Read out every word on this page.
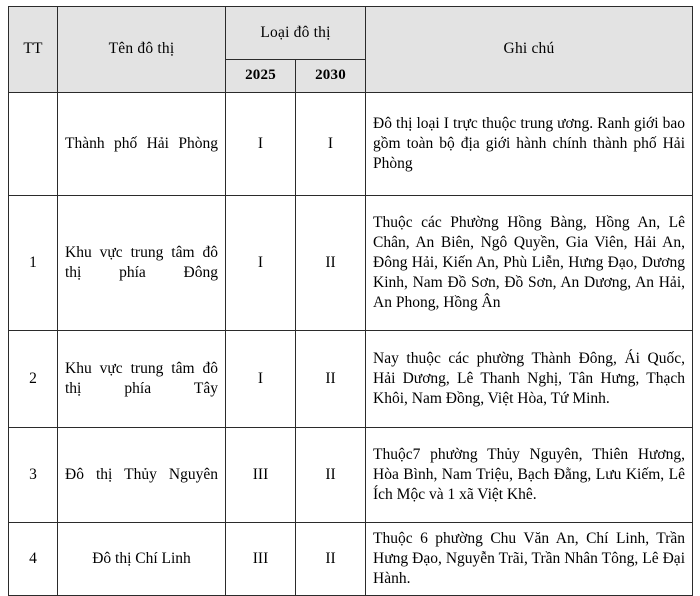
TT	Tên đô thị	Loại đô thị		Ghi chú
		2025	2030	
	Thành phố Hải Phòng	I	I	Đô thị loại I trực thuộc trung ương. Ranh giới bao gồm toàn bộ địa giới hành chính thành phố Hải Phòng
1	Khu vực trung tâm đô thị phía Đông	I	II	Thuộc các Phường Hồng Bàng, Hồng An, Lê Chân, An Biên, Ngô Quyền, Gia Viên, Hải An, Đông Hải, Kiến An, Phù Liễn, Hưng Đạo, Dương Kinh, Nam Đồ Sơn, Đồ Sơn, An Dương, An Hải, An Phong, Hồng Ân
2	Khu vực trung tâm đô thị phía Tây	I	II	Nay thuộc các phường Thành Đông, Ái Quốc, Hải Dương, Lê Thanh Nghị, Tân Hưng, Thạch Khôi, Nam Đồng, Việt Hòa, Tứ Minh.
3	Đô thị Thủy Nguyên	III	II	Thuộc7 phường Thủy Nguyên, Thiên Hương, Hòa Bình, Nam Triệu, Bạch Đằng, Lưu Kiếm, Lê Ích Mộc và 1 xã Việt Khê.
4	Đô thị Chí Linh	III	II	Thuộc 6 phường Chu Văn An, Chí Linh, Trần Hưng Đạo, Nguyễn Trãi, Trần Nhân Tông, Lê Đại Hành.
